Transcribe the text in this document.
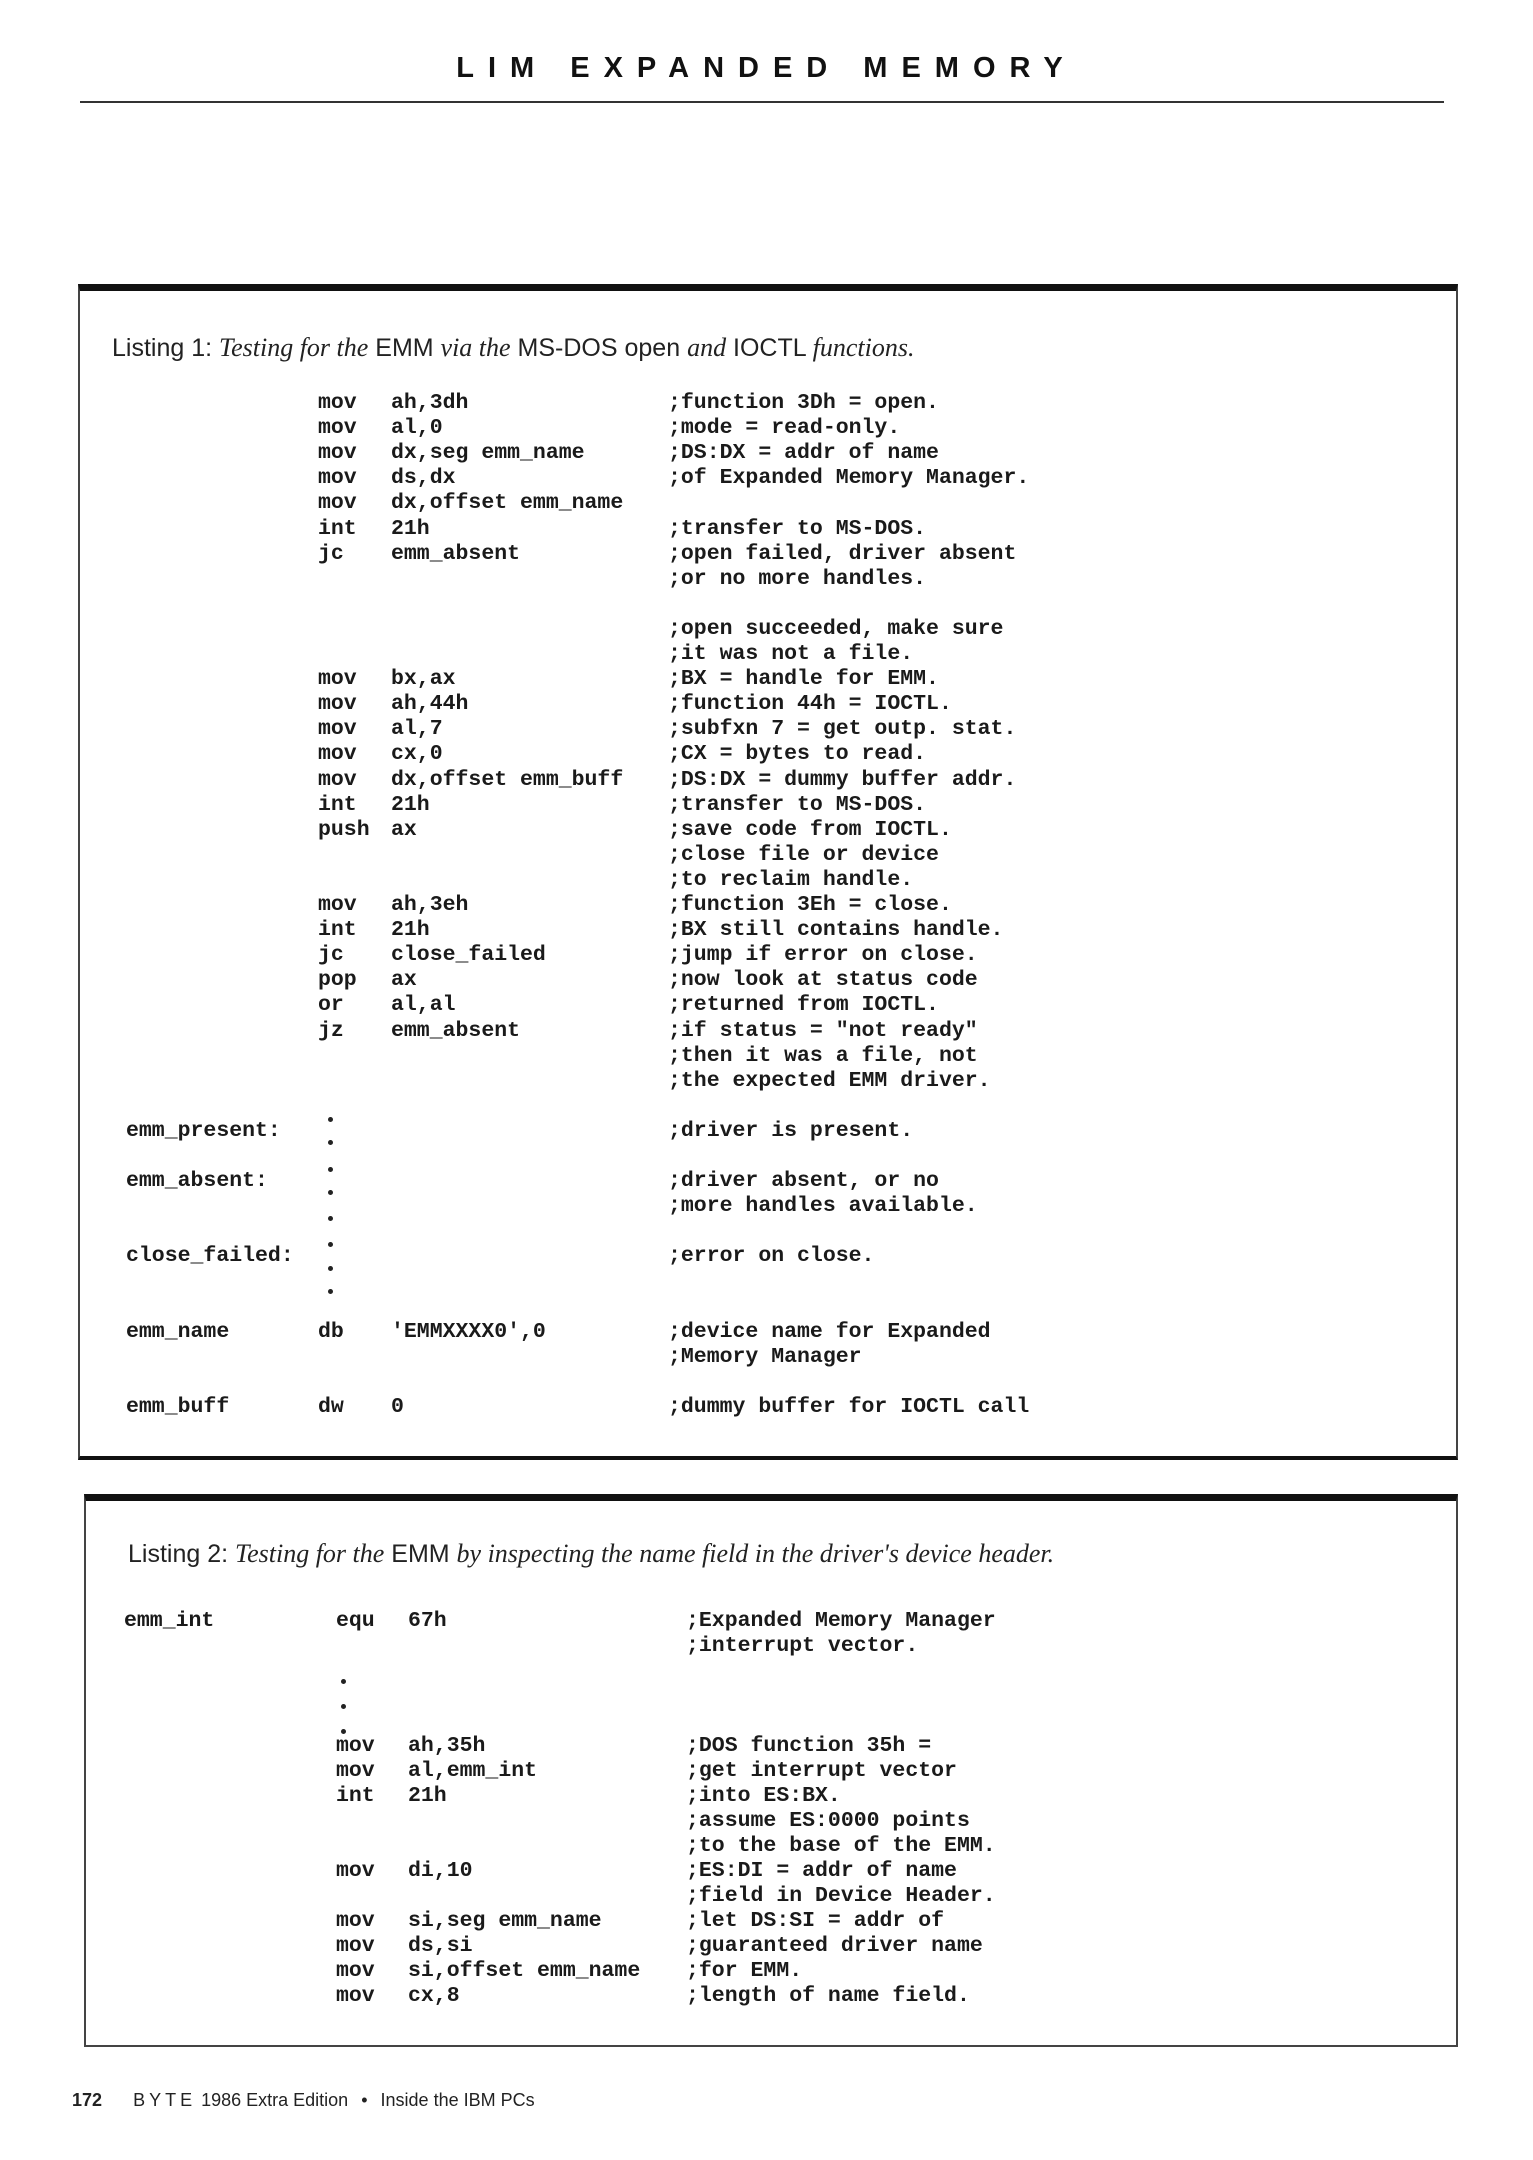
LIM EXPANDED MEMORY
Listing 1: Testing for the EMM via the MS-DOS open and IOCTL functions.
mov ah,3dh	;function 3Dh = open.
mov al,0	;mode = read-only.
mov dx,seg emm_name	;DS:DX = addr of name
mov ds,dx	;of Expanded Memory Manager.
mov dx,offset emm_name
int 21h	;transfer to MS-DOS.
jc emm_absent	;open failed, driver absent
;or no more handles.
;open succeeded, make sure
;it was not a file.
mov bx,ax	;BX = handle for EMM.
mov ah,44h	;function 44h = IOCTL.
mov al,7	;subfxn 7 = get outp. stat.
mov cx,0	;CX = bytes to read.
mov dx,offset emm_buff ;DS:DX = dummy buffer addr.
int 21h	;transfer to MS-DOS.
push ax	;save code from IOCTL.
;close file or device
;to reclaim handle.
mov ah,3eh	;function 3Eh = close.
int 21h	;BX still contains handle.
jc close_failed	;jump if error on close.
pop ax	;now look at status code
or al,al	;returned from IOCTL.
jz emm_absent	;if status = "not ready"
;then it was a file, not
;the expected EMM driver.
emm_present:	;driver is present.
emm_absent:	;driver absent, or no
;more handles available.
close_failed:	;error on close.
emm_name	db 'EMMXXXX0',0	;device name for Expanded
;Memory Manager
emm_buff	dw 0	;dummy buffer for IOCTL call
Listing 2: Testing for the EMM by inspecting the name field in the driver's device header.
emm_int	equ 67h	;Expanded Memory Manager
;interrupt vector.
mov ah,35h	;DOS function 35h =
mov al,emm_int	;get interrupt vector
int 21h	;into ES:BX.
;assume ES:0000 points
;to the base of the EMM.
mov di,10	;ES:DI = addr of name
;field in Device Header.
mov si,seg emm_name	;let DS:SI = addr of
mov ds,si	;guaranteed driver name
mov si,offset emm_name ;for EMM.
mov cx,8	;length of name field.
172 BYTE 1986 Extra Edition • Inside the IBM PCs
